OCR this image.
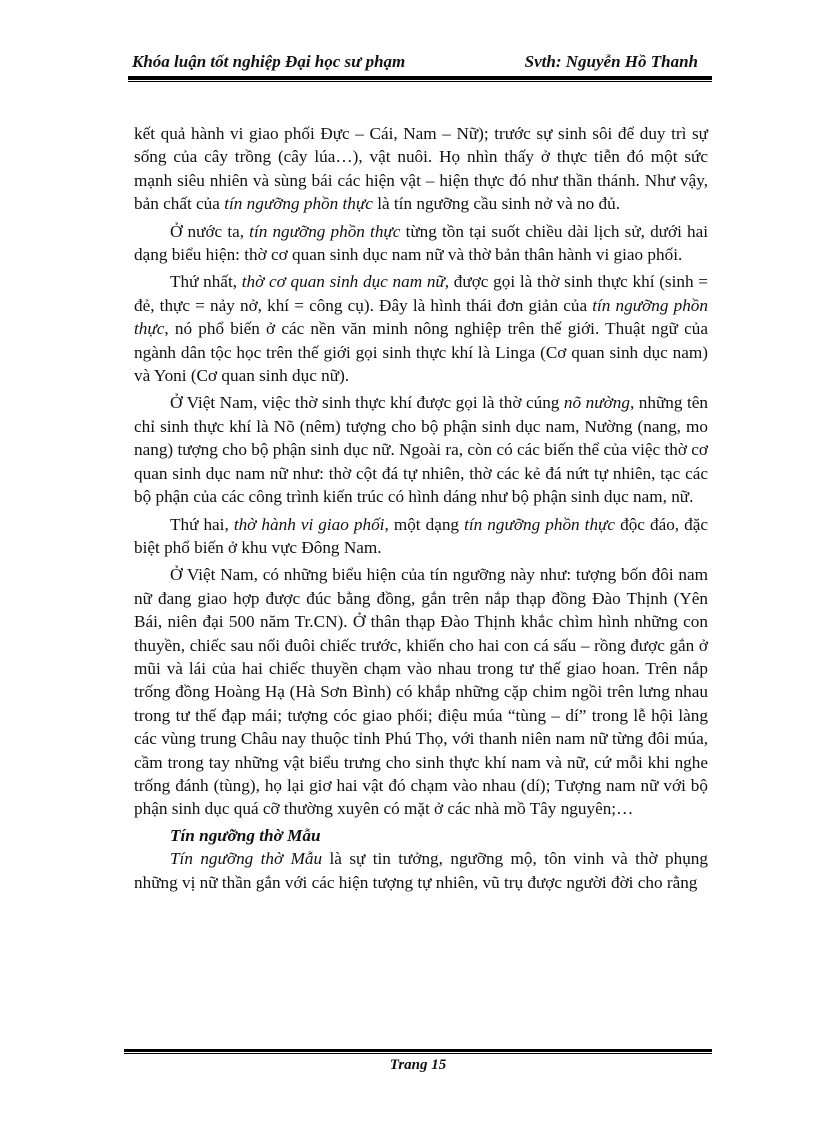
Khóa luận tốt nghiệp Đại học sư phạm	Svth: Nguyễn Hồ Thanh

kết quả hành vi giao phối Đực – Cái, Nam – Nữ); trước sự sinh sôi để duy trì sự sống của cây trồng (cây lúa…), vật nuôi. Họ nhìn thấy ở thực tiễn đó một sức mạnh siêu nhiên và sùng bái các hiện vật – hiện thực đó như thần thánh. Như vậy, bản chất của tín ngưỡng phồn thực là tín ngưỡng cầu sinh nở và no đủ.

Ở nước ta, tín ngưỡng phồn thực từng tồn tại suốt chiều dài lịch sử, dưới hai dạng biểu hiện: thờ cơ quan sinh dục nam nữ và thờ bản thân hành vi giao phối.

Thứ nhất, thờ cơ quan sinh dục nam nữ, được gọi là thờ sinh thực khí (sinh = đẻ, thực = nảy nở, khí = công cụ). Đây là hình thái đơn giản của tín ngưỡng phồn thực, nó phổ biến ở các nền văn minh nông nghiệp trên thế giới. Thuật ngữ của ngành dân tộc học trên thế giới gọi sinh thực khí là Linga (Cơ quan sinh dục nam) và Yoni (Cơ quan sinh dục nữ).

Ở Việt Nam, việc thờ sinh thực khí được gọi là thờ cúng nõ nường, những tên chỉ sinh thực khí là Nõ (nêm) tượng cho bộ phận sinh dục nam, Nường (nang, mo nang) tượng cho bộ phận sinh dục nữ. Ngoài ra, còn có các biến thể của việc thờ cơ quan sinh dục nam nữ như: thờ cột đá tự nhiên, thờ các kẻ đá nứt tự nhiên, tạc các bộ phận của các công trình kiến trúc có hình dáng như bộ phận sinh dục nam, nữ.

Thứ hai, thờ hành vi giao phối, một dạng tín ngưỡng phồn thực độc đáo, đặc biệt phổ biến ở khu vực Đông Nam.

Ở Việt Nam, có những biểu hiện của tín ngưỡng này như: tượng bốn đôi nam nữ đang giao hợp được đúc bằng đồng, gắn trên nắp thạp đồng Đào Thịnh (Yên Bái, niên đại 500 năm Tr.CN). Ở thân thạp Đào Thịnh khắc chìm hình những con thuyền, chiếc sau nối đuôi chiếc trước, khiến cho hai con cá sấu – rồng được gắn ở mũi và lái của hai chiếc thuyền chạm vào nhau trong tư thế giao hoan. Trên nắp trống đồng Hoàng Hạ (Hà Sơn Bình) có khắp những cặp chim ngồi trên lưng nhau trong tư thế đạp mái; tượng cóc giao phối; điệu múa “tùng – dí” trong lễ hội làng các vùng trung Châu nay thuộc tỉnh Phú Thọ, với thanh niên nam nữ từng đôi múa, cầm trong tay những vật biểu trưng cho sinh thực khí nam và nữ, cứ mỗi khi nghe trống đánh (tùng), họ lại giơ hai vật đó chạm vào nhau (dí); Tượng nam nữ với bộ phận sinh dục quá cỡ thường xuyên có mặt ở các nhà mồ Tây nguyên;…

Tín ngưỡng thờ Mẫu

Tín ngưỡng thờ Mẫu là sự tin tưởng, ngưỡng mộ, tôn vinh và thờ phụng những vị nữ thần gắn với các hiện tượng tự nhiên, vũ trụ được người đời cho rằng

Trang 15
